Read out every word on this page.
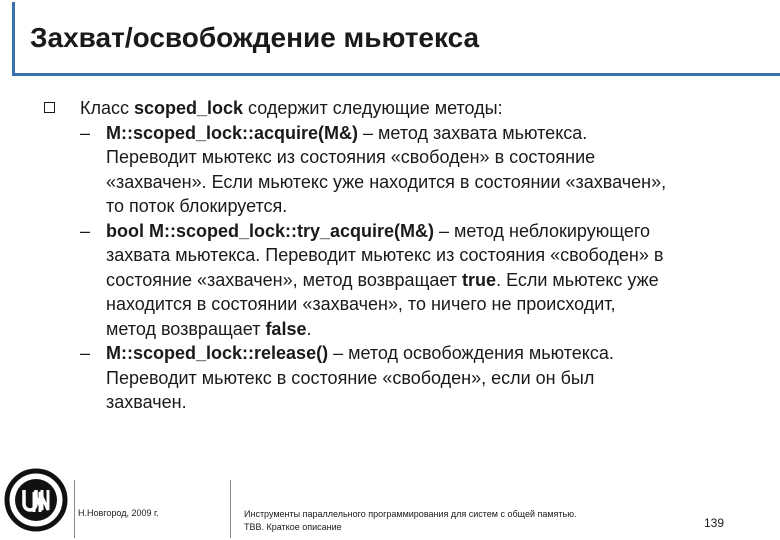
Захват/освобождение мьютекса
Класс scoped_lock содержит следующие методы:
– M::scoped_lock::acquire(M&) – метод захвата мьютекса.
Переводит мьютекс из состояния «свободен» в состояние
«захвачен». Если мьютекс уже находится в состоянии «захвачен»,
то поток блокируется.
– bool M::scoped_lock::try_acquire(M&) – метод неблокирующего
захвата мьютекса. Переводит мьютекс из состояния «свободен» в
состояние «захвачен», метод возвращает true. Если мьютекс уже
находится в состоянии «захвачен», то ничего не происходит,
метод возвращает false.
– M::scoped_lock::release() – метод освобождения мьютекса.
Переводит мьютекс в состояние «свободен», если он был
захвачен.
Н.Новгород, 2009 г.	Инструменты параллельного программирования для систем с общей памятью.
TBB. Краткое описание	139
